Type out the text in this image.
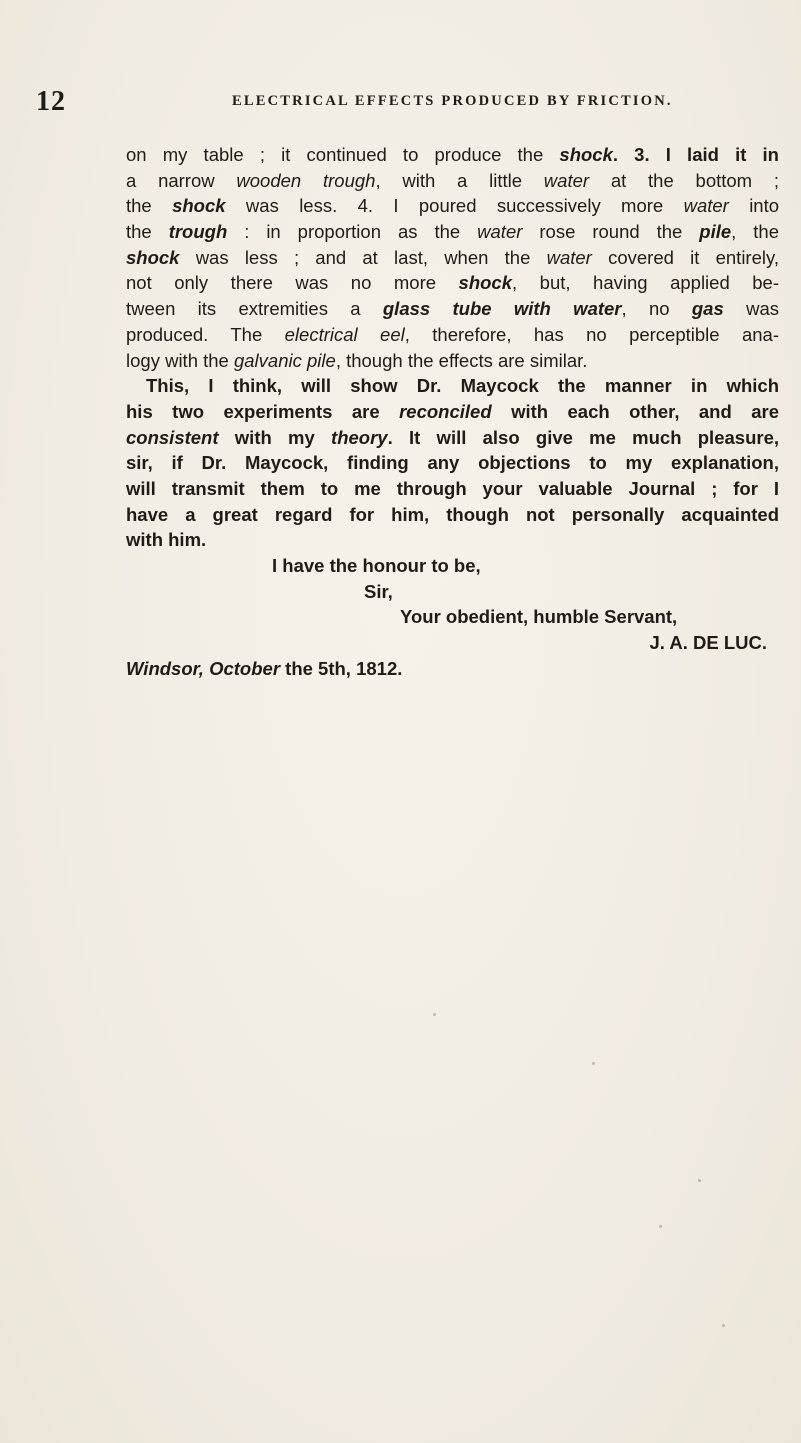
12	ELECTRICAL EFFECTS PRODUCED BY FRICTION.
on my table ; it continued to produce the shock. 3. I laid it in
a narrow wooden trough, with a little water at the bottom ;
the shock was less. 4. I poured successively more water into
the trough : in proportion as the water rose round the pile, the
shock was less ; and at last, when the water covered it entirely,
not only there was no more shock, but, having applied be-
tween its extremities a glass tube with water, no gas was
produced. The electrical eel, therefore, has no perceptible ana-
logy with the galvanic pile, though the effects are similar.
This, I think, will show Dr. Maycock the manner in which
his two experiments are reconciled with each other, and are
consistent with my theory. It will also give me much pleasure,
sir, if Dr. Maycock, finding any objections to my explanation,
will transmit them to me through your valuable Journal ; for I
have a great regard for him, though not personally acquainted
with him.
I have the honour to be,
Sir,
Your obedient, humble Servant,
J. A. DE LUC.
Windsor, October the 5th, 1812.
